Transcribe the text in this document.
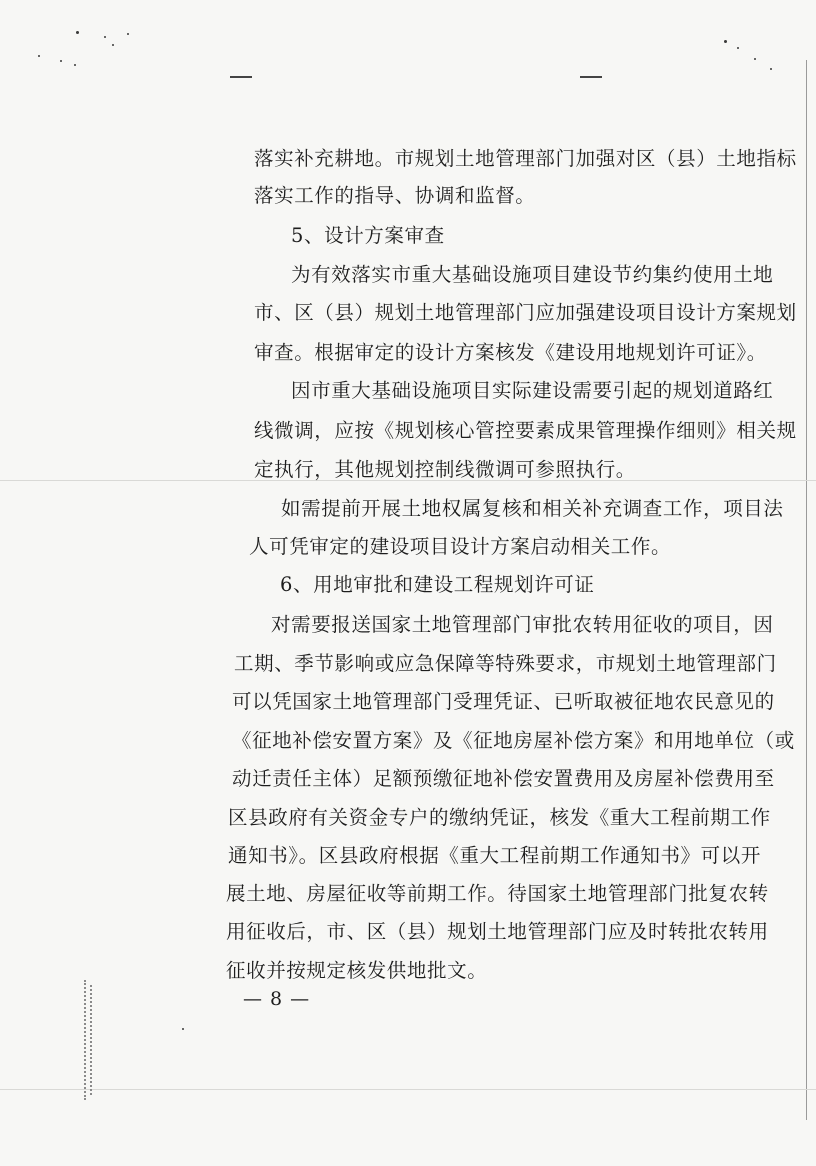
落实补充耕地。市规划土地管理部门加强对区（县）土地指标
落实工作的指导、协调和监督。
5、设计方案审查
为有效落实市重大基础设施项目建设节约集约使用土地
市、区（县）规划土地管理部门应加强建设项目设计方案规划
审查。根据审定的设计方案核发《建设用地规划许可证》。
因市重大基础设施项目实际建设需要引起的规划道路红
线微调，应按《规划核心管控要素成果管理操作细则》相关规
定执行，其他规划控制线微调可参照执行。
如需提前开展土地权属复核和相关补充调查工作，项目法
人可凭审定的建设项目设计方案启动相关工作。
6、用地审批和建设工程规划许可证
对需要报送国家土地管理部门审批农转用征收的项目，因
工期、季节影响或应急保障等特殊要求，市规划土地管理部门
可以凭国家土地管理部门受理凭证、已听取被征地农民意见的
《征地补偿安置方案》及《征地房屋补偿方案》和用地单位（或
动迁责任主体）足额预缴征地补偿安置费用及房屋补偿费用至
区县政府有关资金专户的缴纳凭证，核发《重大工程前期工作
通知书》。区县政府根据《重大工程前期工作通知书》可以开
展土地、房屋征收等前期工作。待国家土地管理部门批复农转
用征收后，市、区（县）规划土地管理部门应及时转批农转用
征收并按规定核发供地批文。
— 8 —
